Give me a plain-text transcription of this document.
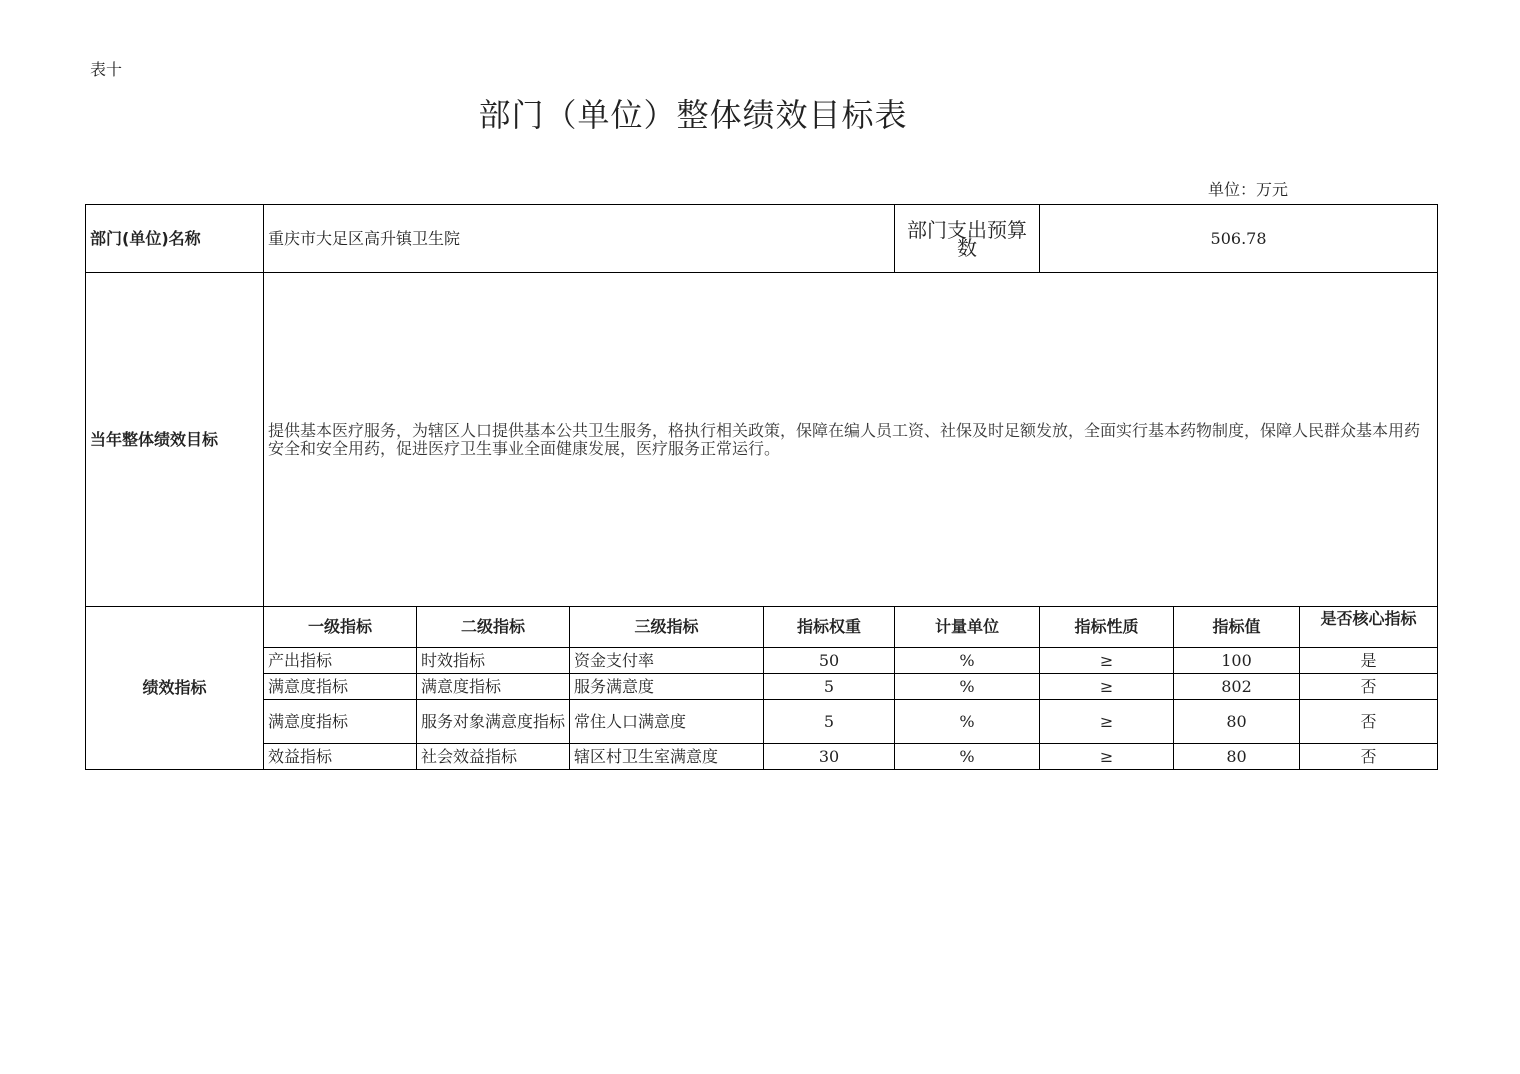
表十
部门（单位）整体绩效目标表
单位：万元
部门(单位)名称	重庆市大足区高升镇卫生院				部门支出预算数	506.78		
当年整体绩效目标	提供基本医疗服务，为辖区人口提供基本公共卫生服务，格执行相关政策，保障在编人员工资、社保及时足额发放，全面实行基本药物制度，保障人民群众基本用药安全和安全用药，促进医疗卫生事业全面健康发展，医疗服务正常运行。							
绩效指标	一级指标	二级指标	三级指标	指标权重	计量单位	指标性质	指标值	是否核心指标
	产出指标	时效指标	资金支付率	50	%	≥	100	是
	满意度指标	满意度指标	服务满意度	5	%	≥	802	否
	满意度指标	服务对象满意度指标	常住人口满意度	5	%	≥	80	否
	效益指标	社会效益指标	辖区村卫生室满意度	30	%	≥	80	否
